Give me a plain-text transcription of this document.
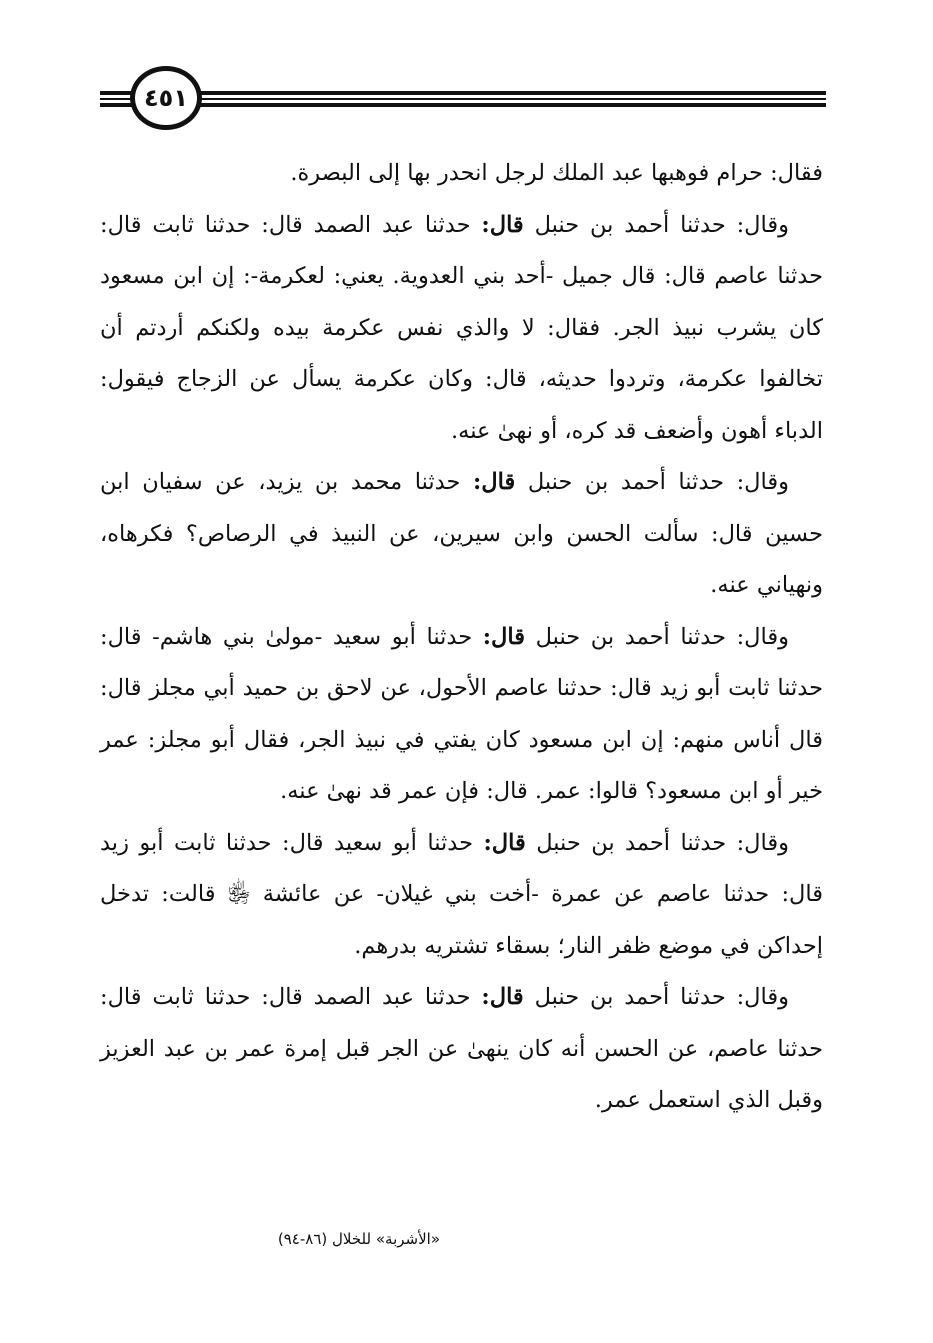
٤٥١

فقال: حرام فوهبها عبد الملك لرجل انحدر بها إلى البصرة.

وقال: حدثنا أحمد بن حنبل قال: حدثنا عبد الصمد قال: حدثنا ثابت قال: حدثنا عاصم قال: قال جميل -أحد بني العدوية. يعني: لعكرمة-: إن ابن مسعود كان يشرب نبيذ الجر. فقال: لا والذي نفس عكرمة بيده ولكنكم أردتم أن تخالفوا عكرمة، وتردوا حديثه، قال: وكان عكرمة يسأل عن الزجاج فيقول: الدباء أهون وأضعف قد كره، أو نهىٰ عنه.

وقال: حدثنا أحمد بن حنبل قال: حدثنا محمد بن يزيد، عن سفيان ابن حسين قال: سألت الحسن وابن سيرين، عن النبيذ في الرصاص؟ فكرهاه، ونهياني عنه.

وقال: حدثنا أحمد بن حنبل قال: حدثنا أبو سعيد -مولىٰ بني هاشم- قال: حدثنا ثابت أبو زيد قال: حدثنا عاصم الأحول، عن لاحق بن حميد أبي مجلز قال: قال أناس منهم: إن ابن مسعود كان يفتي في نبيذ الجر، فقال أبو مجلز: عمر خير أو ابن مسعود؟ قالوا: عمر. قال: فإن عمر قد نهىٰ عنه.

وقال: حدثنا أحمد بن حنبل قال: حدثنا أبو سعيد قال: حدثنا ثابت أبو زيد قال: حدثنا عاصم عن عمرة -أخت بني غيلان- عن عائشة ﵂ قالت: تدخل إحداكن في موضع ظفر النار؛ بسقاء تشتريه بدرهم.

وقال: حدثنا أحمد بن حنبل قال: حدثنا عبد الصمد قال: حدثنا ثابت قال: حدثنا عاصم، عن الحسن أنه كان ينهىٰ عن الجر قبل إمرة عمر بن عبد العزيز وقبل الذي استعمل عمر.

«الأشربة» للخلال (٨٦-٩٤)
